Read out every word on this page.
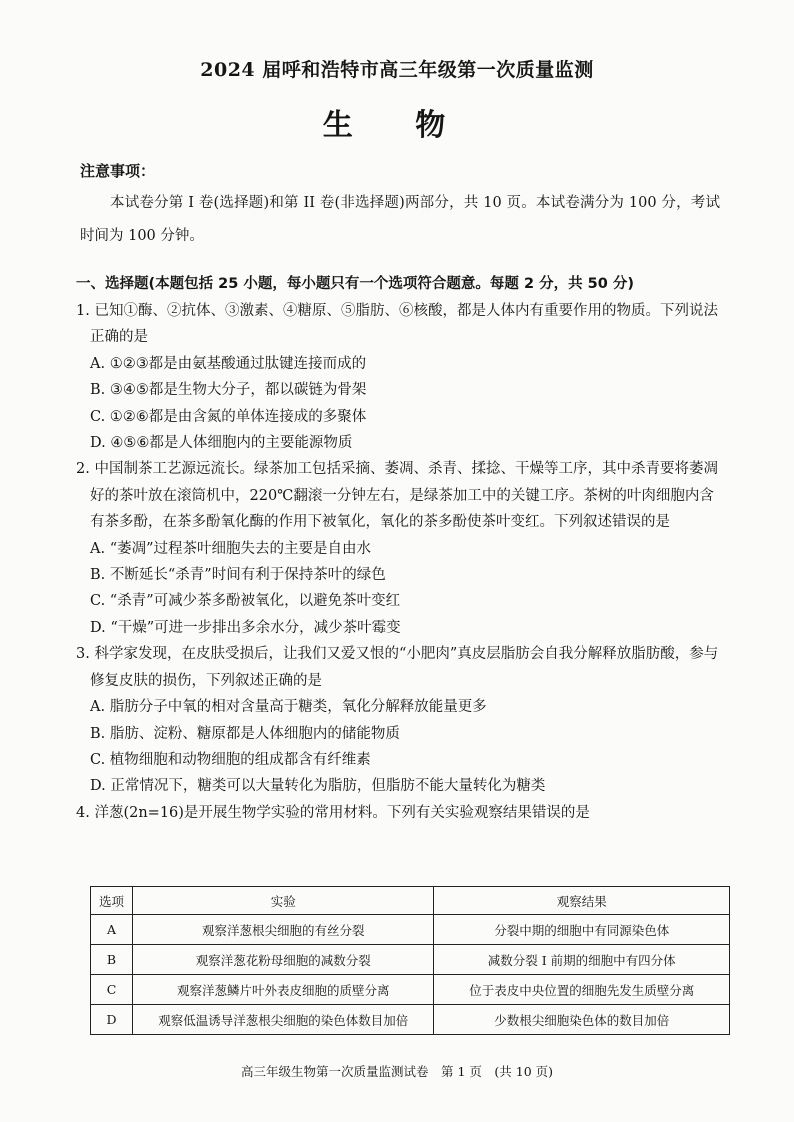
2024 届呼和浩特市高三年级第一次质量监测
生 物
注意事项：
本试卷分第 I 卷(选择题)和第 II 卷(非选择题)两部分，共 10 页。本试卷满分为 100 分，考试时间为 100 分钟。
一、选择题(本题包括 25 小题，每小题只有一个选项符合题意。每题 2 分，共 50 分)
1. 已知①酶、②抗体、③激素、④糖原、⑤脂肪、⑥核酸，都是人体内有重要作用的物质。下列说法正确的是
A. ①②③都是由氨基酸通过肽键连接而成的
B. ③④⑤都是生物大分子，都以碳链为骨架
C. ①②⑥都是由含氮的单体连接成的多聚体
D. ④⑤⑥都是人体细胞内的主要能源物质
2. 中国制茶工艺源远流长。绿茶加工包括采摘、萎凋、杀青、揉捻、干燥等工序，其中杀青要将萎凋好的茶叶放在滚筒机中，220℃翻滚一分钟左右，是绿茶加工中的关键工序。茶树的叶肉细胞内含有茶多酚，在茶多酚氧化酶的作用下被氧化，氧化的茶多酚使茶叶变红。下列叙述错误的是
A. “萎凋”过程茶叶细胞失去的主要是自由水
B. 不断延长“杀青”时间有利于保持茶叶的绿色
C. “杀青”可减少茶多酚被氧化，以避免茶叶变红
D. “干燥”可进一步排出多余水分，减少茶叶霉变
3. 科学家发现，在皮肤受损后，让我们又爱又恨的“小肥肉”真皮层脂肪会自我分解释放脂肪酸，参与修复皮肤的损伤，下列叙述正确的是
A. 脂肪分子中氧的相对含量高于糖类，氧化分解释放能量更多
B. 脂肪、淀粉、糖原都是人体细胞内的储能物质
C. 植物细胞和动物细胞的组成都含有纤维素
D. 正常情况下，糖类可以大量转化为脂肪，但脂肪不能大量转化为糖类
4. 洋葱(2n=16)是开展生物学实验的常用材料。下列有关实验观察结果错误的是
选项	实验	观察结果
A	观察洋葱根尖细胞的有丝分裂	分裂中期的细胞中有同源染色体
B	观察洋葱花粉母细胞的减数分裂	减数分裂 I 前期的细胞中有四分体
C	观察洋葱鳞片叶外表皮细胞的质壁分离	位于表皮中央位置的细胞先发生质壁分离
D	观察低温诱导洋葱根尖细胞的染色体数目加倍	少数根尖细胞染色体的数目加倍
高三年级生物第一次质量监测试卷　第 1 页　(共 10 页)
